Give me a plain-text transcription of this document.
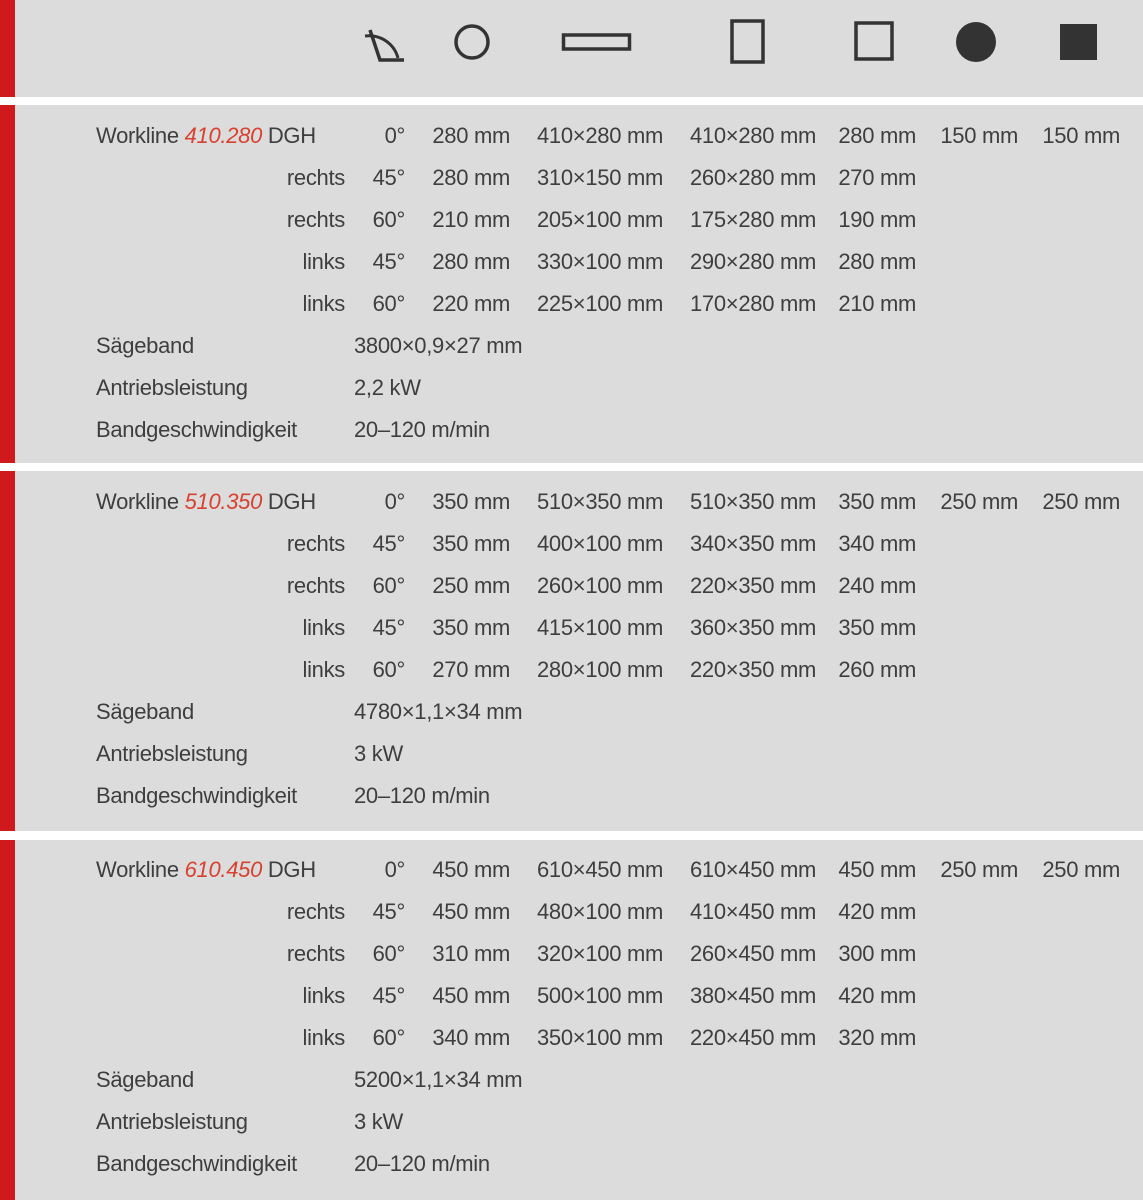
Workline 410.280 DGH	0°	280 mm	410×280 mm	410×280 mm	280 mm	150 mm	150 mm
rechts	45°	280 mm	310×150 mm	260×280 mm	270 mm
rechts	60°	210 mm	205×100 mm	175×280 mm	190 mm
links	45°	280 mm	330×100 mm	290×280 mm	280 mm
links	60°	220 mm	225×100 mm	170×280 mm	210 mm
Sägeband	3800×0,9×27 mm
Antriebsleistung	2,2 kW
Bandgeschwindigkeit	20–120 m/min
Workline 510.350 DGH	0°	350 mm	510×350 mm	510×350 mm	350 mm	250 mm	250 mm
rechts	45°	350 mm	400×100 mm	340×350 mm	340 mm
rechts	60°	250 mm	260×100 mm	220×350 mm	240 mm
links	45°	350 mm	415×100 mm	360×350 mm	350 mm
links	60°	270 mm	280×100 mm	220×350 mm	260 mm
Sägeband	4780×1,1×34 mm
Antriebsleistung	3 kW
Bandgeschwindigkeit	20–120 m/min
Workline 610.450 DGH	0°	450 mm	610×450 mm	610×450 mm	450 mm	250 mm	250 mm
rechts	45°	450 mm	480×100 mm	410×450 mm	420 mm
rechts	60°	310 mm	320×100 mm	260×450 mm	300 mm
links	45°	450 mm	500×100 mm	380×450 mm	420 mm
links	60°	340 mm	350×100 mm	220×450 mm	320 mm
Sägeband	5200×1,1×34 mm
Antriebsleistung	3 kW
Bandgeschwindigkeit	20–120 m/min
